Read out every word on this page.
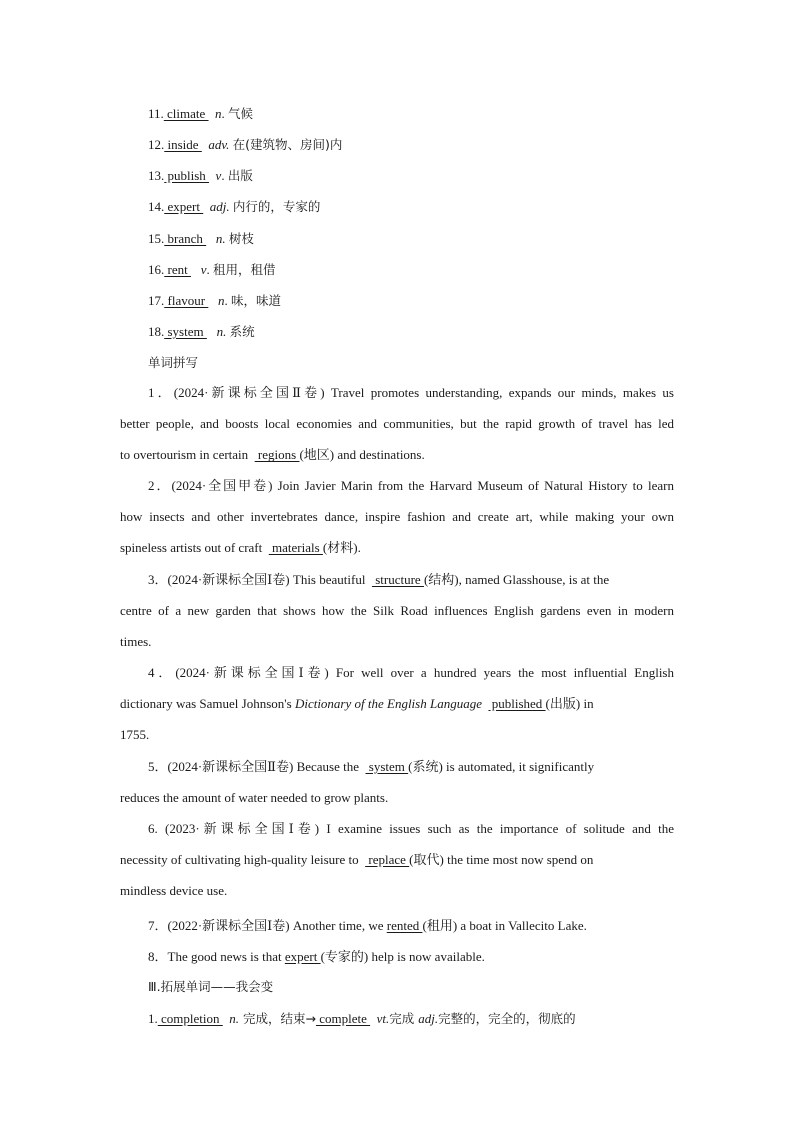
11. climate   n. 气候
12. inside   adv. 在(建筑物、房间)内
13. publish   v. 出版
14. expert   adj. 内行的，专家的
15. branch    n. 树枝
16. rent    v. 租用，租借
17. flavour    n. 味，味道
18. system    n. 系统
单词拼写
1．(2024·新课标全国Ⅱ卷) Travel promotes understanding, expands our minds, makes us
better people, and boosts local economies and communities, but the rapid growth of travel has led
to overtourism in certain   regions (地区) and destinations.
2．(2024·全国甲卷) Join Javier Marin from the Harvard Museum of Natural History to learn
how insects and other invertebrates dance, inspire fashion and create art, while making your own
spineless artists out of craft   materials (材料).
3．(2024·新课标全国Ⅰ卷) This beautiful   structure (结构), named Glasshouse, is at the
centre of a new garden that shows how the Silk Road influences English gardens even in modern
times.
4．(2024·新课标全国Ⅰ卷) For well over a hundred years the most influential English
dictionary was Samuel Johnson's Dictionary of the English Language   published (出版) in
1755.
5．(2024·新课标全国Ⅱ卷) Because the   system (系统) is automated, it significantly
reduces the amount of water needed to grow plants.
6. (2023·新课标全国Ⅰ卷) I examine issues such as the importance of solitude and the
necessity of cultivating high-quality leisure to   replace (取代) the time most now spend on
mindless device use.
7．(2022·新课标全国Ⅰ卷) Another time, we rented (租用) a boat in Vallecito Lake.
8．The good news is that expert (专家的) help is now available.
Ⅲ.拓展单词——我会变
1. completion   n. 完成，结束→ complete   vt.完成 adj.完整的，完全的，彻底的
